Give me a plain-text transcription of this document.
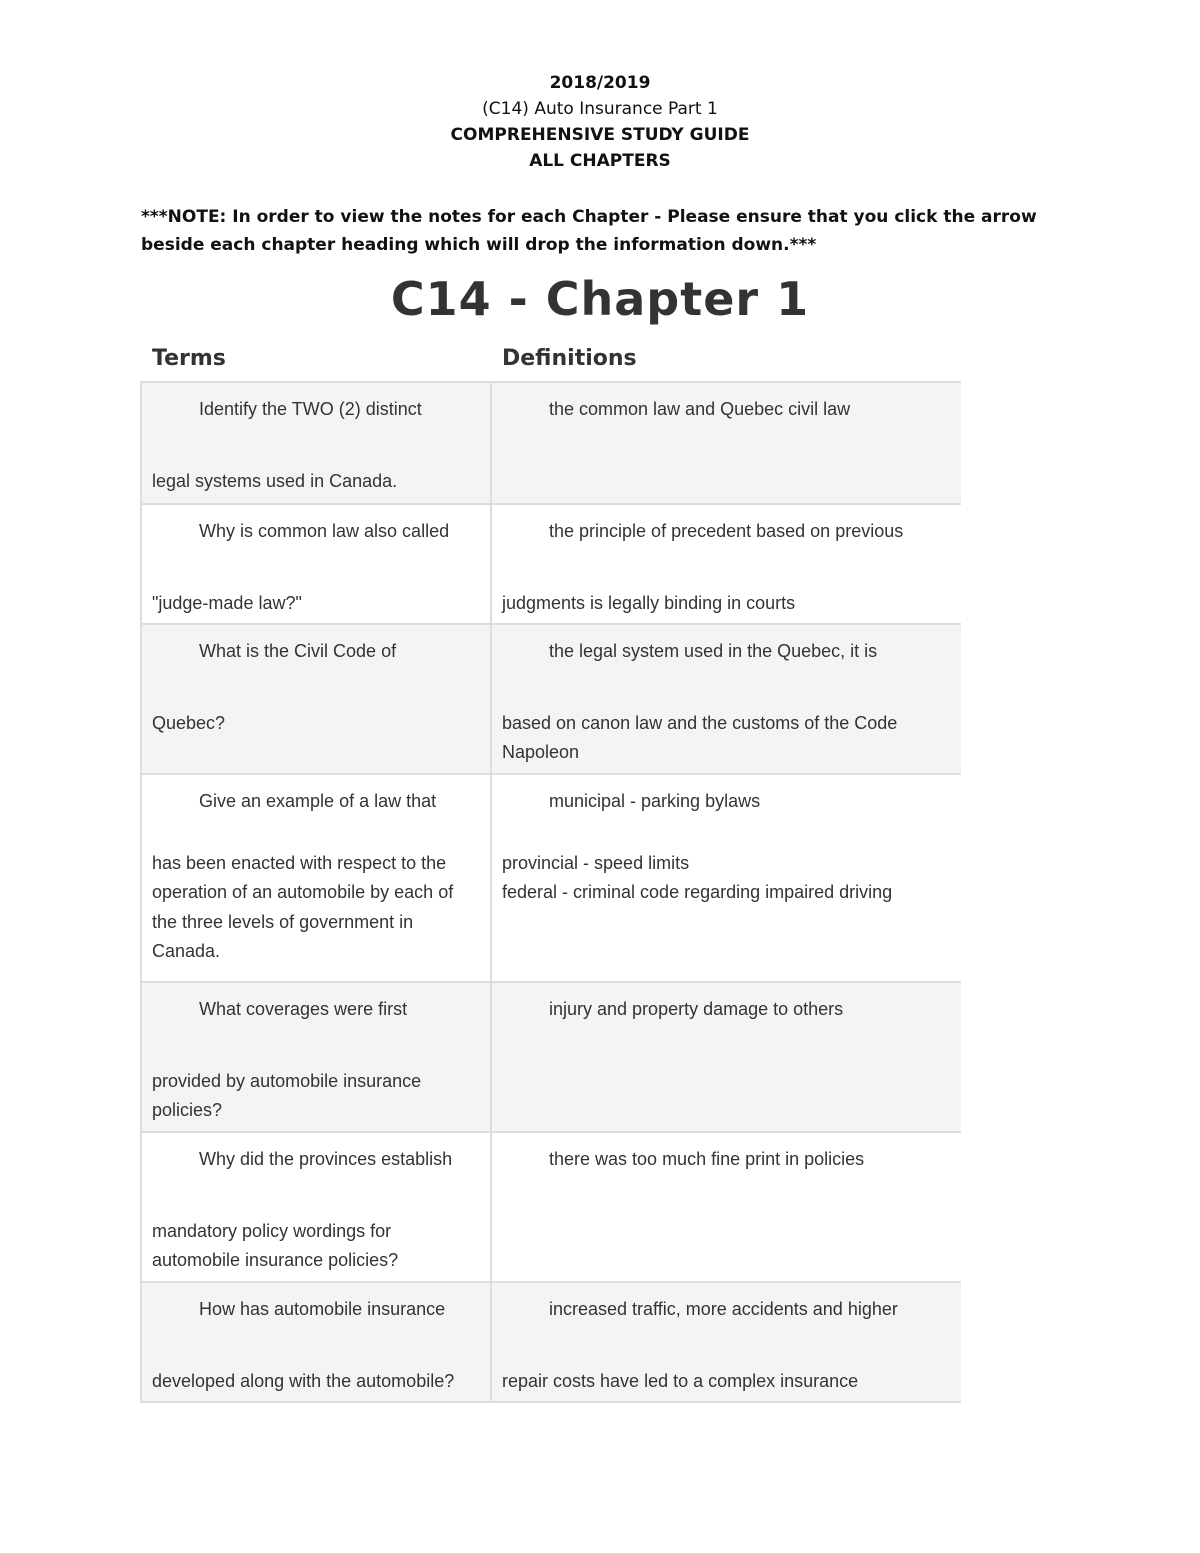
2018/2019
(C14) Auto Insurance Part 1
COMPREHENSIVE STUDY GUIDE
ALL CHAPTERS
***NOTE: In order to view the notes for each Chapter - Please ensure that you click the arrow beside each chapter heading which will drop the information down.***
C14 - Chapter 1
Terms	Definitions
Identify the TWO (2) distinct
legal systems used in Canada.
the common law and Quebec civil law
Why is common law also called
"judge-made law?"
the principle of precedent based on previous
judgments is legally binding in courts
What is the Civil Code of
Quebec?
the legal system used in the Quebec, it is
based on canon law and the customs of the Code Napoleon
Give an example of a law that
has been enacted with respect to the operation of an automobile by each of the three levels of government in Canada.
municipal - parking bylaws
provincial - speed limits
federal - criminal code regarding impaired driving
What coverages were first
provided by automobile insurance policies?
injury and property damage to others
Why did the provinces establish
mandatory policy wordings for automobile insurance policies?
there was too much fine print in policies
How has automobile insurance
developed along with the automobile?
increased traffic, more accidents and higher
repair costs have led to a complex insurance
